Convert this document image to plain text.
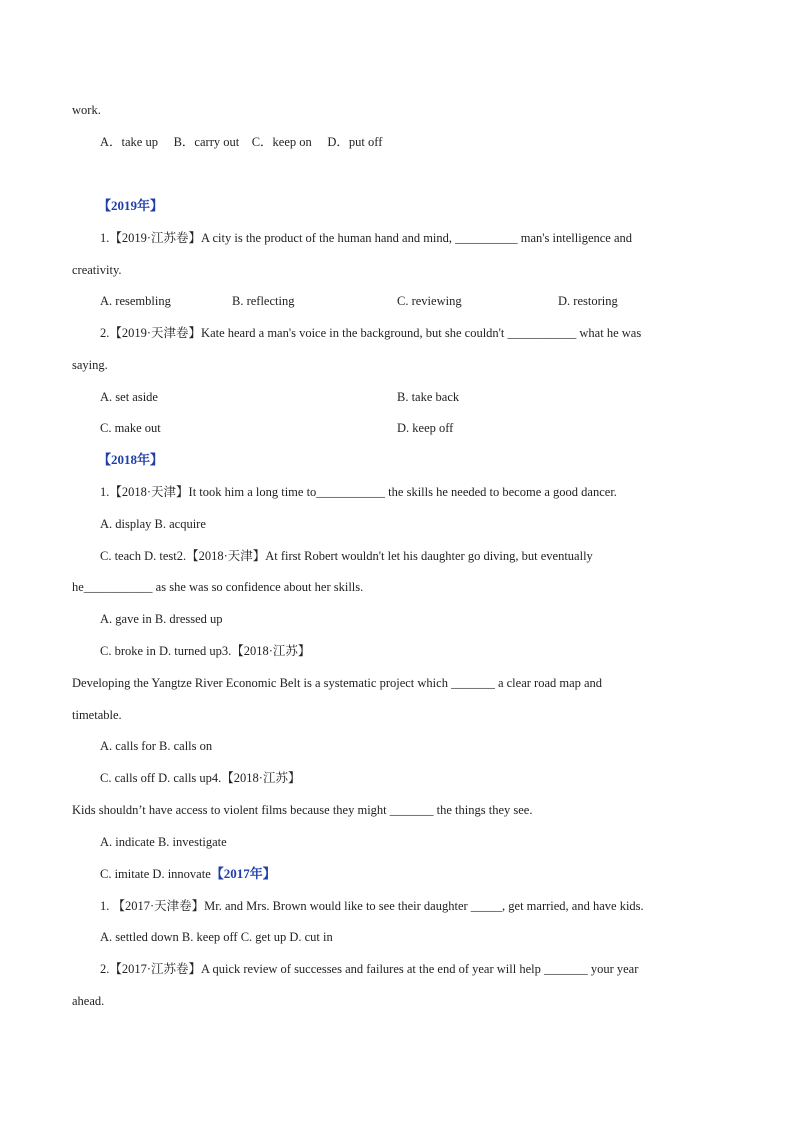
work.
A．take up　 B．carry out　C．keep on　 D．put off
【2019年】
1.【2019·江苏卷】A city is the product of the human hand and mind, __________ man's intelligence and
creativity.
A. resembling	B. reflecting	C. reviewing	D. restoring
2.【2019·天津卷】Kate heard a man's voice in the background, but she couldn't ___________ what he was
saying.
A. set aside	B. take back
C. make out	D. keep off
【2018年】
1.【2018·天津】It took him a long time to___________ the skills he needed to become a good dancer.
A. display B. acquire
C. teach D. test2.【2018·天津】At first Robert wouldn't let his daughter go diving, but eventually
he___________ as she was so confidence about her skills.
A. gave in B. dressed up
C. broke in D. turned up3.【2018·江苏】
Developing the Yangtze River Economic Belt is a systematic project which _______ a clear road map and
timetable.
A. calls for B. calls on
C. calls off D. calls up4.【2018·江苏】
Kids shouldn’t have access to violent films because they might _______ the things they see.
A. indicate B. investigate
C. imitate D. innovate【2017年】
1. 【2017·天津卷】Mr. and Mrs. Brown would like to see their daughter _____, get married, and have kids.
A. settled down B. keep off C. get up D. cut in
2.【2017·江苏卷】A quick review of successes and failures at the end of year will help _______ your year
ahead.
